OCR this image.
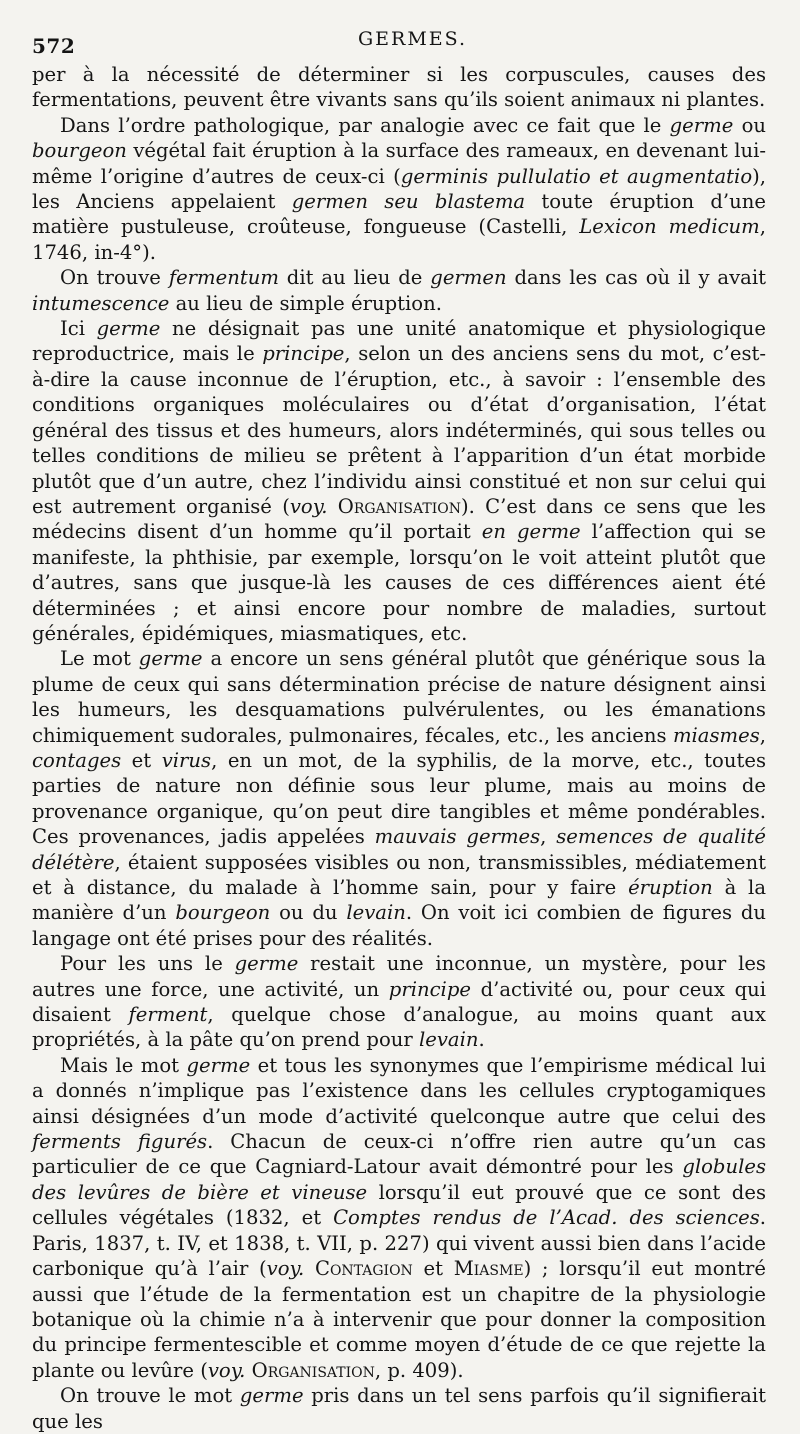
572	GERMES.

per à la nécessité de déterminer si les corpuscules, causes des fermentations, peuvent être vivants sans qu’ils soient animaux ni plantes.

Dans l’ordre pathologique, par analogie avec ce fait que le germe ou bourgeon végétal fait éruption à la surface des rameaux, en devenant lui-même l’origine d’autres de ceux-ci (germinis pullulatio et augmentatio), les Anciens appelaient germen seu blastema toute éruption d’une matière pustuleuse, croûteuse, fongueuse (Castelli, Lexicon medicum, 1746, in-4°).

On trouve fermentum dit au lieu de germen dans les cas où il y avait intumescence au lieu de simple éruption.

Ici germe ne désignait pas une unité anatomique et physiologique reproductrice, mais le principe, selon un des anciens sens du mot, c’est-à-dire la cause inconnue de l’éruption, etc., à savoir : l’ensemble des conditions organiques moléculaires ou d’état d’organisation, l’état général des tissus et des humeurs, alors indéterminés, qui sous telles ou telles conditions de milieu se prêtent à l’apparition d’un état morbide plutôt que d’un autre, chez l’individu ainsi constitué et non sur celui qui est autrement organisé (voy. Organisation). C’est dans ce sens que les médecins disent d’un homme qu’il portait en germe l’affection qui se manifeste, la phthisie, par exemple, lorsqu’on le voit atteint plutôt que d’autres, sans que jusque-là les causes de ces différences aient été déterminées ; et ainsi encore pour nombre de maladies, surtout générales, épidémiques, miasmatiques, etc.

Le mot germe a encore un sens général plutôt que générique sous la plume de ceux qui sans détermination précise de nature désignent ainsi les humeurs, les desquamations pulvérulentes, ou les émanations chimiquement sudorales, pulmonaires, fécales, etc., les anciens miasmes, contages et virus, en un mot, de la syphilis, de la morve, etc., toutes parties de nature non définie sous leur plume, mais au moins de provenance organique, qu’on peut dire tangibles et même pondérables. Ces provenances, jadis appelées mauvais germes, semences de qualité délétère, étaient supposées visibles ou non, transmissibles, médiatement et à distance, du malade à l’homme sain, pour y faire éruption à la manière d’un bourgeon ou du levain. On voit ici combien de figures du langage ont été prises pour des réalités.

Pour les uns le germe restait une inconnue, un mystère, pour les autres une force, une activité, un principe d’activité ou, pour ceux qui disaient ferment, quelque chose d’analogue, au moins quant aux propriétés, à la pâte qu’on prend pour levain.

Mais le mot germe et tous les synonymes que l’empirisme médical lui a donnés n’implique pas l’existence dans les cellules cryptogamiques ainsi désignées d’un mode d’activité quelconque autre que celui des ferments figurés. Chacun de ceux-ci n’offre rien autre qu’un cas particulier de ce que Cagniard-Latour avait démontré pour les globules des levûres de bière et vineuse lorsqu’il eut prouvé que ce sont des cellules végétales (1832, et Comptes rendus de l’Acad. des sciences. Paris, 1837, t. IV, et 1838, t. VII, p. 227) qui vivent aussi bien dans l’acide carbonique qu’à l’air (voy. Contagion et Miasme) ; lorsqu’il eut montré aussi que l’étude de la fermentation est un chapitre de la physiologie botanique où la chimie n’a à intervenir que pour donner la composition du principe fermentescible et comme moyen d’étude de ce que rejette la plante ou levûre (voy. Organisation, p. 409).

On trouve le mot germe pris dans un tel sens parfois qu’il signifierait que les
